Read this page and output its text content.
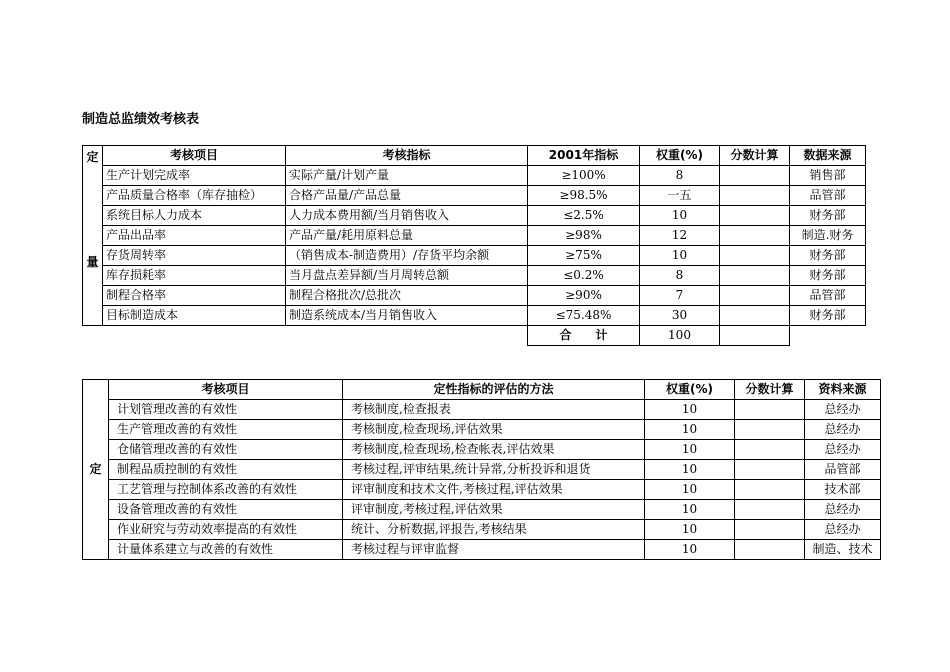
制造总监绩效考核表
定
量	考核项目	考核指标	2001年指标	权重(%)	分数计算	数据来源
	生产计划完成率	实际产量/计划产量	≥100%	8		销售部
	产品质量合格率（库存抽检）	合格产品量/产品总量	≥98.5%	一五		品管部
	系统目标人力成本	人力成本费用额/当月销售收入	≤2.5%	10		财务部
	产品出品率	产品产量/耗用原料总量	≥98%	12		制造.财务
	存货周转率	（销售成本-制造费用）/存货平均余额	≥75%	10		财务部
	库存损耗率	当月盘点差异额/当月周转总额	≤0.2%	8		财务部
	制程合格率	制程合格批次/总批次	≥90%	7		品管部
	目标制造成本	制造系统成本/当月销售收入	≤75.48%	30		财务部
			合　　计	100		
定	考核项目	定性指标的评估的方法	权重(%)	分数计算	资料来源
	计划管理改善的有效性	考核制度,检查报表	10		总经办
	生产管理改善的有效性	考核制度,检查现场,评估效果	10		总经办
	仓储管理改善的有效性	考核制度,检查现场,检查帐表,评估效果	10		总经办
	制程品质控制的有效性	考核过程,评审结果,统计异常,分析投诉和退货	10		品管部
	工艺管理与控制体系改善的有效性	评审制度和技术文件,考核过程,评估效果	10		技术部
	设备管理改善的有效性	评审制度,考核过程,评估效果	10		总经办
	作业研究与劳动效率提高的有效性	统计、分析数据,评报告,考核结果	10		总经办
	计量体系建立与改善的有效性	考核过程与评审监督	10		制造、技术
